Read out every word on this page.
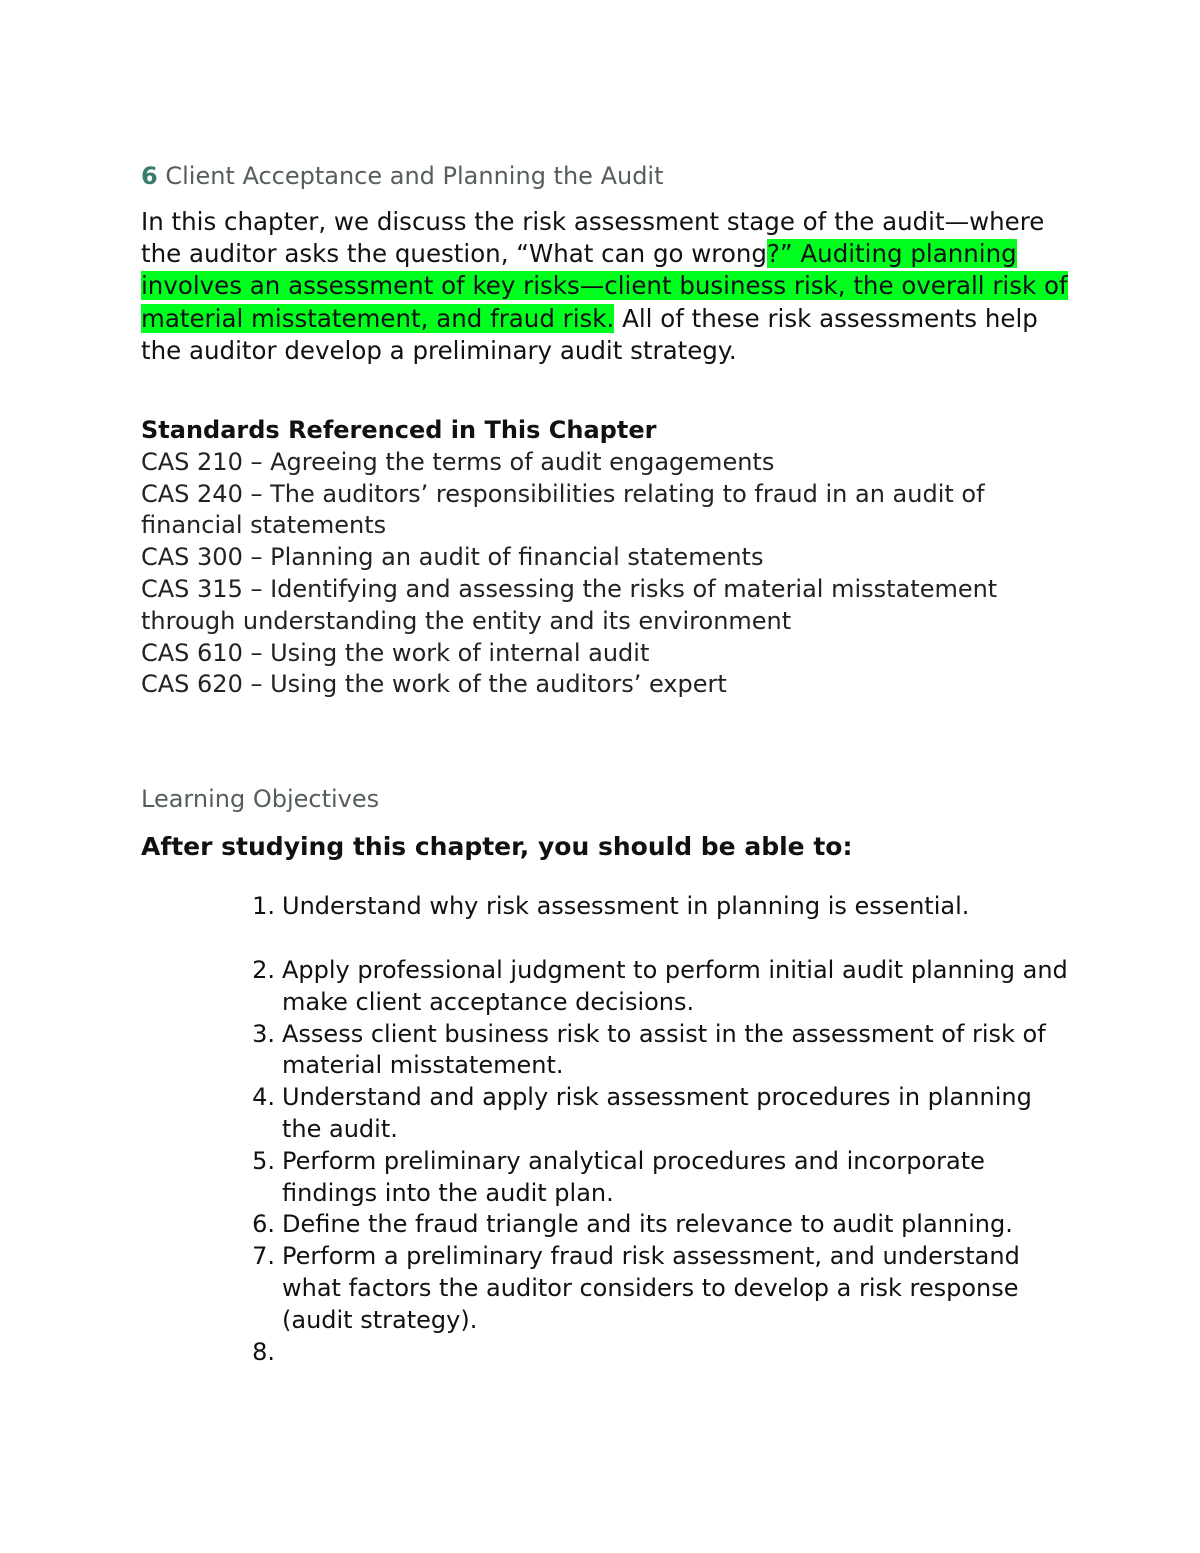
6 Client Acceptance and Planning the Audit

In this chapter, we discuss the risk assessment stage of the audit—where the auditor asks the question, “What can go wrong?” Auditing planning involves an assessment of key risks—client business risk, the overall risk of material misstatement, and fraud risk. All of these risk assessments help the auditor develop a preliminary audit strategy.

Standards Referenced in This Chapter
CAS 210 – Agreeing the terms of audit engagements
CAS 240 – The auditors’ responsibilities relating to fraud in an audit of financial statements
CAS 300 – Planning an audit of financial statements
CAS 315 – Identifying and assessing the risks of material misstatement through understanding the entity and its environment
CAS 610 – Using the work of internal audit
CAS 620 – Using the work of the auditors’ expert
Learning Objectives
After studying this chapter, you should be able to:
1. Understand why risk assessment in planning is essential.
2. Apply professional judgment to perform initial audit planning and make client acceptance decisions.
3. Assess client business risk to assist in the assessment of risk of material misstatement.
4. Understand and apply risk assessment procedures in planning the audit.
5. Perform preliminary analytical procedures and incorporate findings into the audit plan.
6. Define the fraud triangle and its relevance to audit planning.
7. Perform a preliminary fraud risk assessment, and understand what factors the auditor considers to develop a risk response (audit strategy).
8.
